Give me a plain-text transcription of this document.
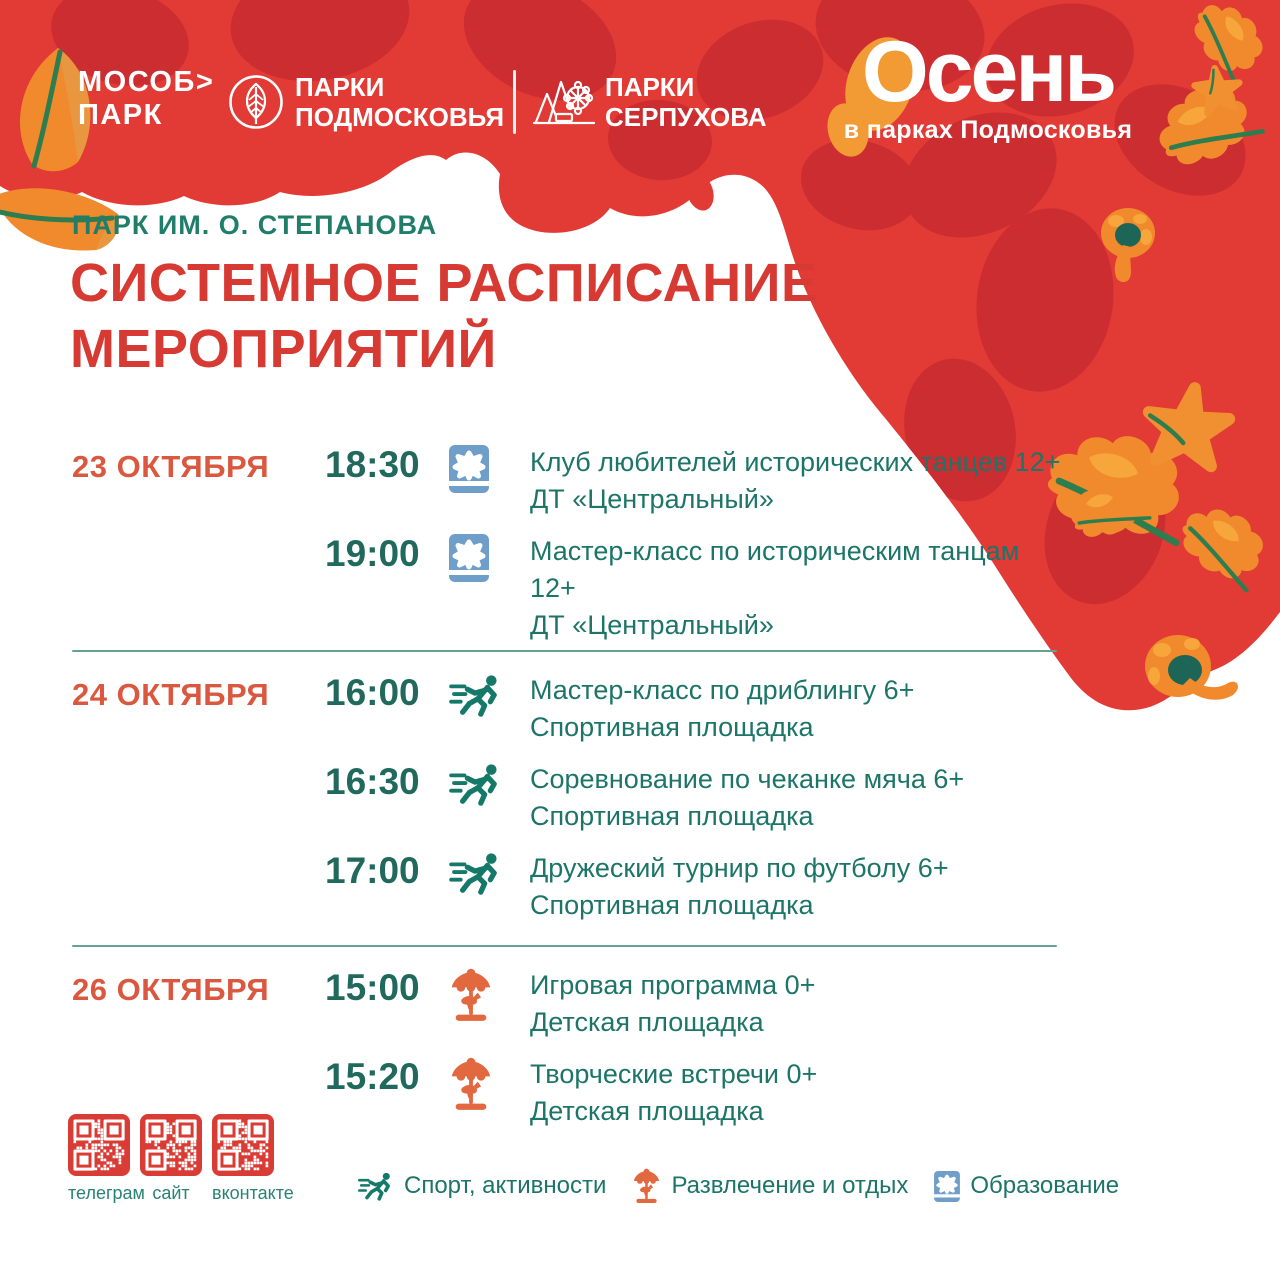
МОСОБ>
ПАРК
ПАРКИ
ПОДМОСКОВЬЯ
ПАРКИ
СЕРПУХОВА	Осень
в парках Подмосковья
ПАРК ИМ. О. СТЕПАНОВА
СИСТЕМНОЕ РАСПИСАНИЕ
МЕРОПРИЯТИЙ
23 ОКТЯБРЯ	18:30	Клуб любителей исторических танцев 12+
ДТ «Центральный»
19:00	Мастер-класс по историческим танцам 12+
ДТ «Центральный»
24 ОКТЯБРЯ	16:00	Мастер-класс по дриблингу 6+
Спортивная площадка
16:30	Соревнование по чеканке мяча 6+
Спортивная площадка
17:00	Дружеский турнир по футболу 6+
Спортивная площадка
26 ОКТЯБРЯ	15:00	Игровая программа 0+
Детская площадка
15:20	Творческие встречи 0+
Детская площадка
телеграм сайт	вконтакте	Спорт, активности	Развлечение и отдых	Образование
